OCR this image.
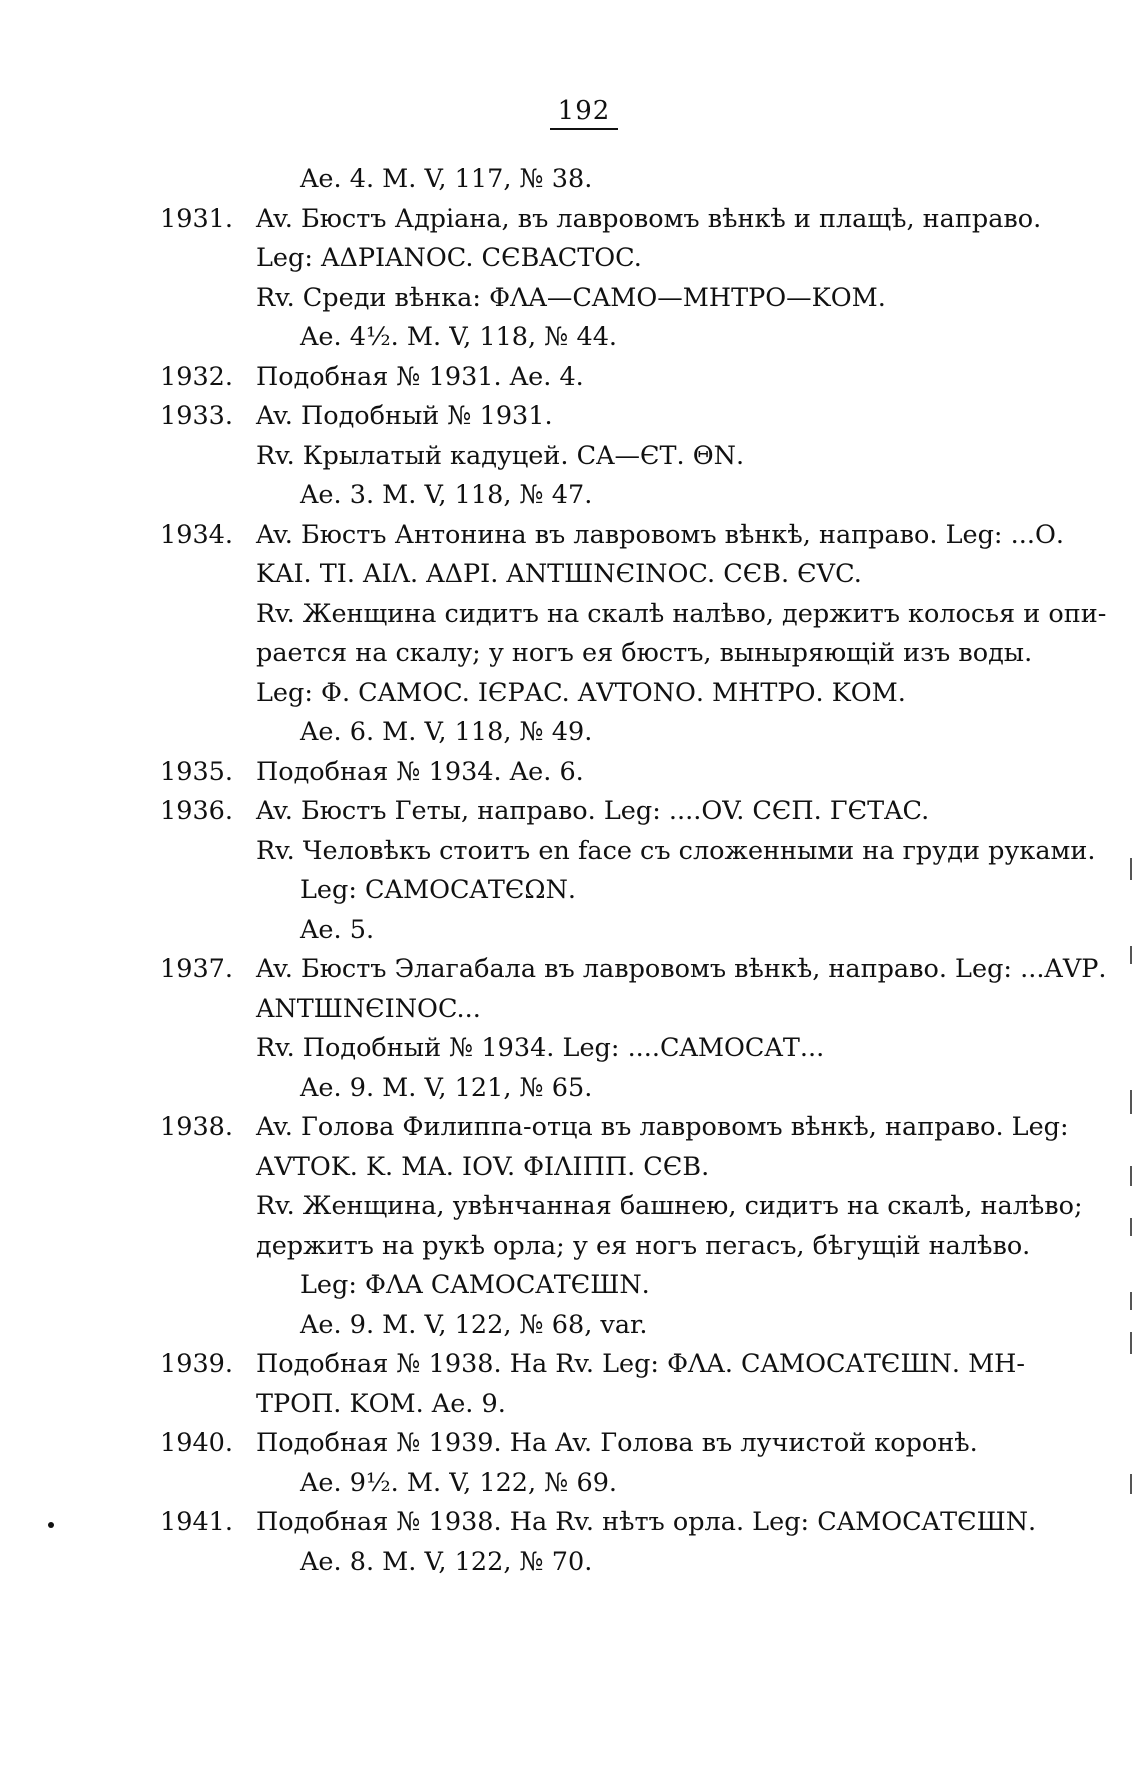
192
Ae. 4. M. V, 117, № 38.
1931. Av. Бюстъ Адріана, въ лавровомъ вѣнкѣ и плащѣ, направо.
Leg: ΑΔΡΙΑΝΟC. CЄΒΑCΤΟC.
Rv. Среди вѣнка: ΦΛΑ—CΑΜΟ—ΜΗΤΡΟ—ΚΟΜ.
Ae. 4½. M. V, 118, № 44.
1932. Подобная № 1931. Ae. 4.
1933. Av. Подобный № 1931.
Rv. Крылатый кадуцей. CΑ—ЄΤ. ΘΝ.
Ae. 3. M. V, 118, № 47.
1934. Av. Бюстъ Антонина въ лавровомъ вѣнкѣ, направо. Leg: ...Ο.
ΚΑΙ. ΤΙ. ΑΙΛ. ΑΔΡΙ. ΑΝΤШΝЄΙΝΟC. CЄΒ. ЄVC.
Rv. Женщина сидитъ на скалѣ налѣво, держитъ колосья и опи-
раетcя на скалу; у ногъ ея бюстъ, выныряющій изъ воды.
Leg: Φ. CΑΜΟC. ΙЄΡΑC. ΑVΤΟΝΟ. ΜΗΤΡΟ. ΚΟΜ.
Ae. 6. M. V, 118, № 49.
1935. Подобная № 1934. Ae. 6.
1936. Av. Бюстъ Геты, направо. Leg: ....ΟV. CЄΠ. ΓЄΤΑC.
Rv. Человѣкъ стоитъ en face съ сложенными на груди руками.
Leg: CΑΜΟCΑΤЄΩΝ.
Ae. 5.
1937. Av. Бюстъ Элагабала въ лавровомъ вѣнкѣ, направо. Leg: ...ΑVΡ.
ΑΝΤШΝЄΙΝΟC...
Rv. Подобный № 1934. Leg: ....CΑΜΟCΑΤ...
Ae. 9. M. V, 121, № 65.
1938. Av. Голова Филиппа-отца въ лавровомъ вѣнкѣ, направо. Leg:
ΑVΤΟΚ. Κ. ΜΑ. ΙΟV. ΦΙΛΙΠΠ. CЄΒ.
Rv. Женщина, увѣнчанная башнею, сидитъ на скалѣ, налѣво;
держитъ на рукѣ орла; у ея ногъ пегасъ, бѣгущій налѣво.
Leg: ΦΛΑ CΑΜΟCΑΤЄШΝ.
Ae. 9. M. V, 122, № 68, var.
1939. Подобная № 1938. На Rv. Leg: ΦΛΑ. CΑΜΟCΑΤЄШΝ. ΜΗ-
ΤΡΟΠ. ΚΟΜ. Ae. 9.
1940. Подобная № 1939. На Av. Голова въ лучистой коронѣ.
Ae. 9½. M. V, 122, № 69.
1941. Подобная № 1938. На Rv. нѣтъ орла. Leg: CΑΜΟCΑΤЄШΝ.
Ae. 8. M. V, 122, № 70.
